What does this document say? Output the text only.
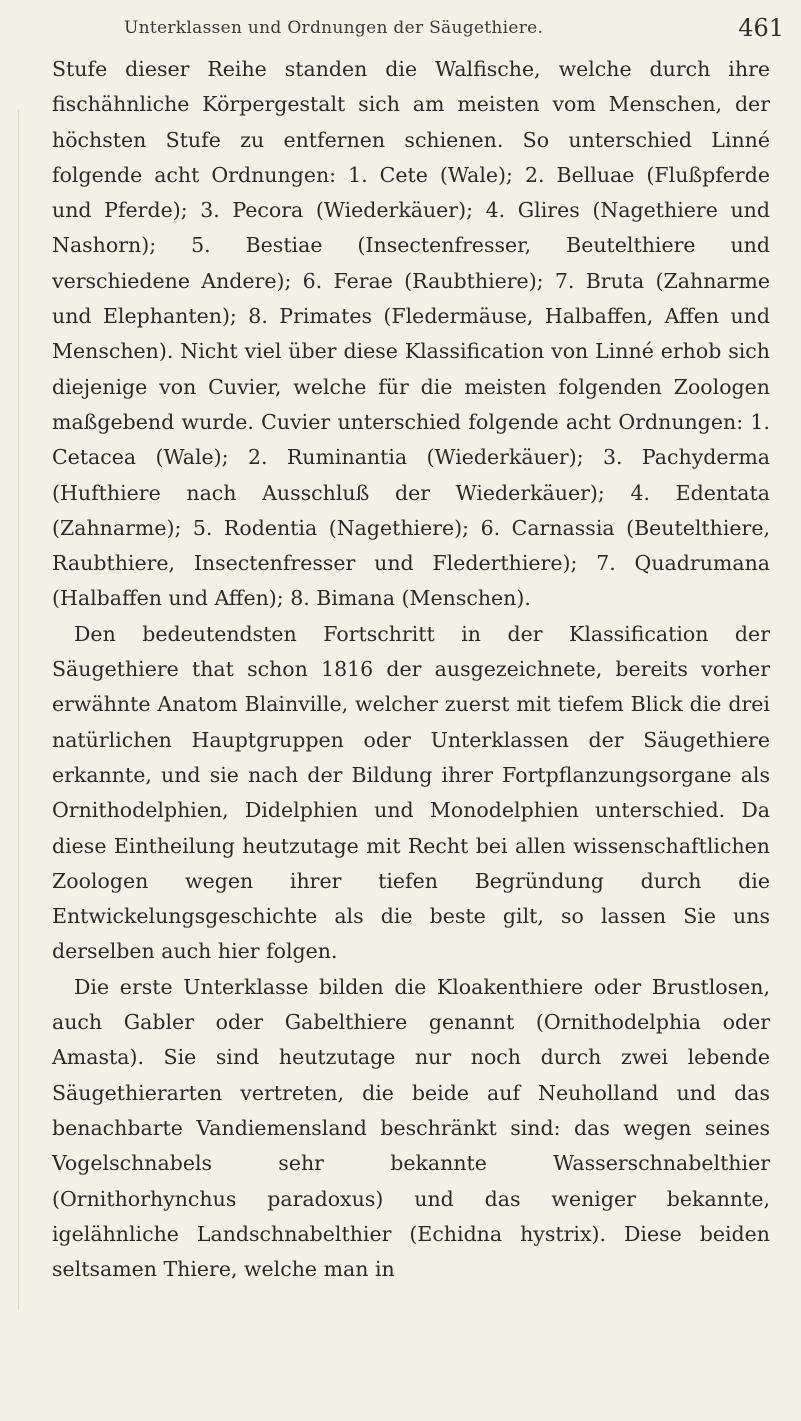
Unterklassen und Ordnungen der Säugethiere.	461

Stufe dieser Reihe standen die Walfische, welche durch ihre fischähnliche Körpergestalt sich am meisten vom Menschen, der höchsten Stufe zu entfernen schienen. So unterschied Linné folgende acht Ordnungen: 1. Cete (Wale); 2. Belluae (Flußpferde und Pferde); 3. Pecora (Wiederkäuer); 4. Glires (Nagethiere und Nashorn); 5. Bestiae (Insectenfresser, Beutelthiere und verschiedene Andere); 6. Ferae (Raubthiere); 7. Bruta (Zahnarme und Elephanten); 8. Primates (Fledermäuse, Halbaffen, Affen und Menschen). Nicht viel über diese Klassification von Linné erhob sich diejenige von Cuvier, welche für die meisten folgenden Zoologen maßgebend wurde. Cuvier unterschied folgende acht Ordnungen: 1. Cetacea (Wale); 2. Ruminantia (Wiederkäuer); 3. Pachyderma (Hufthiere nach Ausschluß der Wiederkäuer); 4. Edentata (Zahnarme); 5. Rodentia (Nagethiere); 6. Carnassia (Beutelthiere, Raubthiere, Insectenfresser und Flederthiere); 7. Quadrumana (Halbaffen und Affen); 8. Bimana (Menschen).

Den bedeutendsten Fortschritt in der Klassification der Säugethiere that schon 1816 der ausgezeichnete, bereits vorher erwähnte Anatom Blainville, welcher zuerst mit tiefem Blick die drei natürlichen Hauptgruppen oder Unterklassen der Säugethiere erkannte, und sie nach der Bildung ihrer Fortpflanzungsorgane als Ornithodelphien, Didelphien und Monodelphien unterschied. Da diese Eintheilung heutzutage mit Recht bei allen wissenschaftlichen Zoologen wegen ihrer tiefen Begründung durch die Entwickelungsgeschichte als die beste gilt, so lassen Sie uns derselben auch hier folgen.

Die erste Unterklasse bilden die Kloakenthiere oder Brustlosen, auch Gabler oder Gabelthiere genannt (Ornithodelphia oder Amasta). Sie sind heutzutage nur noch durch zwei lebende Säugethierarten vertreten, die beide auf Neuholland und das benachbarte Vandiemensland beschränkt sind: das wegen seines Vogelschnabels sehr bekannte Wasserschnabelthier (Ornithorhynchus paradoxus) und das weniger bekannte, igelähnliche Landschnabelthier (Echidna hystrix). Diese beiden seltsamen Thiere, welche man in
